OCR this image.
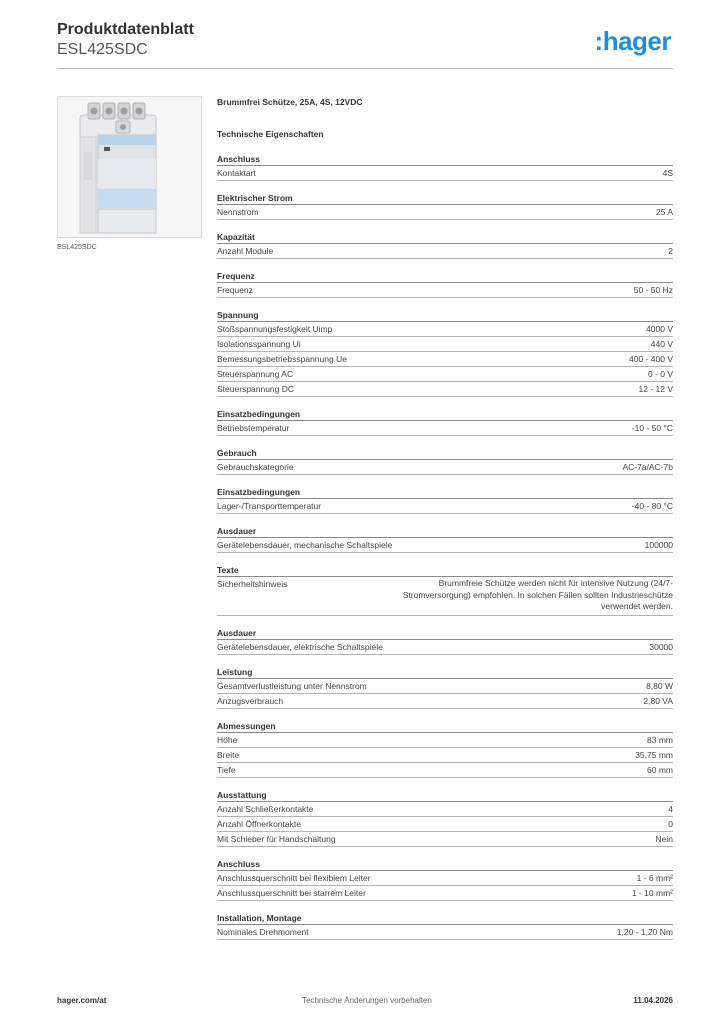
Produktdatenblatt
ESL425SDC	:hager
ESL425SDC
Brummfrei Schütze, 25A, 4S, 12VDC
Technische Eigenschaften
Anschluss
Kontaktart	4S
Elektrischer Strom
Nennstrom	25 A
Kapazität
Anzahl Module	2
Frequenz
Frequenz	50 - 50 Hz
Spannung
Stoßspannungsfestigkeit Uimp	4000 V
Isolationsspannung Ui	440 V
Bemessungsbetriebsspannung Ue	400 - 400 V
Steuerspannung AC	0 - 0 V
Steuerspannung DC	12 - 12 V
Einsatzbedingungen
Betriebstemperatur	-10 - 50 °C
Gebrauch
Gebrauchskategorie	AC-7a/AC-7b
Einsatzbedingungen
Lager-/Transporttemperatur	-40 - 80 °C
Ausdauer
Gerätelebensdauer, mechanische Schaltspiele	100000
Texte
Sicherheitshinweis	Brummfreie Schütze werden nicht für intensive Nutzung (24/7-Stromversorgung) empfohlen. In solchen Fällen sollten Industrieschütze verwendet werden.
Ausdauer
Gerätelebensdauer, elektrische Schaltspiele	30000
Leistung
Gesamtverlustleistung unter Nennstrom	8,80 W
Anzugsverbrauch	2,80 VA
Abmessungen
Höhe	83 mm
Breite	35,75 mm
Tiefe	60 mm
Ausstattung
Anzahl Schließerkontakte	4
Anzahl Öffnerkontakte	0
Mit Schieber für Handschaltung	Nein
Anschluss
Anschlussquerschnitt bei flexiblem Leiter	1 - 6 mm²
Anschlussquerschnitt bei starrem Leiter	1 - 10 mm²
Installation, Montage
Nominales Drehmoment	1,20 - 1,20 Nm
hager.com/at	Technische Änderungen vorbehalten	11.04.2026
